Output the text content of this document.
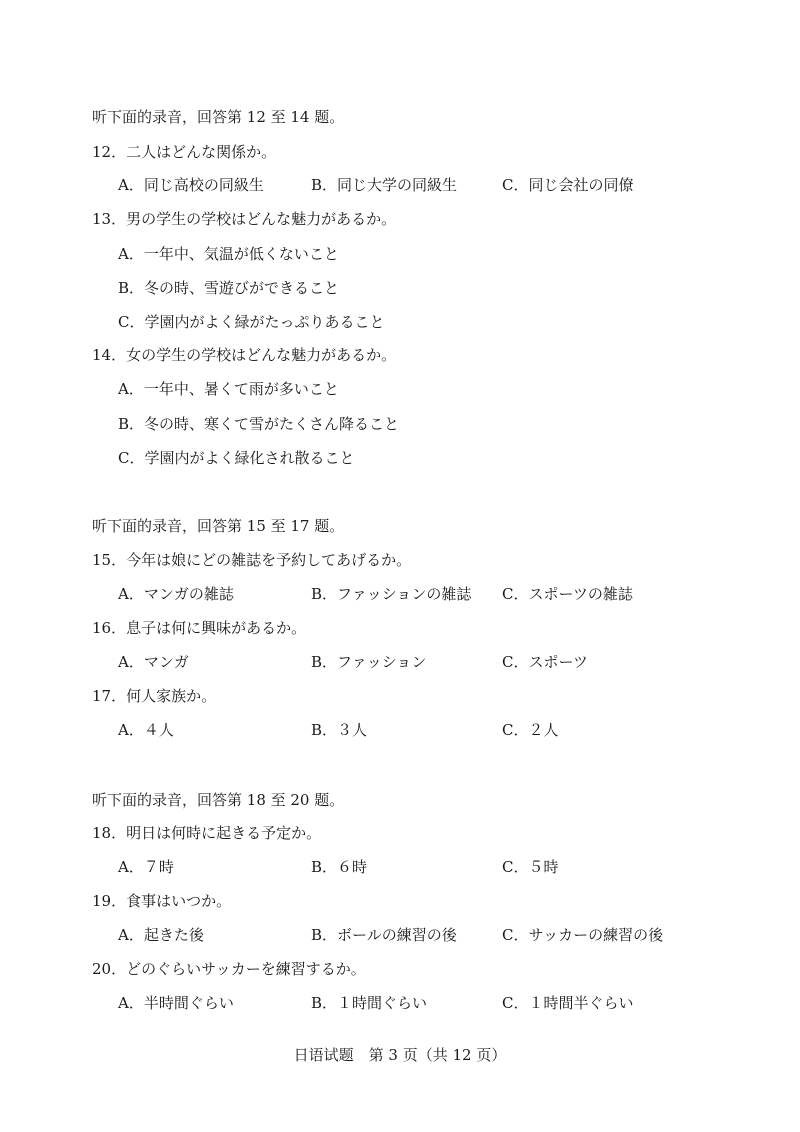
听下面的录音，回答第 12 至 14 题。
12．二人はどんな関係か。
A．同じ高校の同級生	B．同じ大学の同級生	C．同じ会社の同僚
13．男の学生の学校はどんな魅力があるか。
A．一年中、気温が低くないこと
B．冬の時、雪遊びができること
C．学園内がよく緑がたっぷりあること
14．女の学生の学校はどんな魅力があるか。
A．一年中、暑くて雨が多いこと
B．冬の時、寒くて雪がたくさん降ること
C．学園内がよく緑化され散ること
听下面的录音，回答第 15 至 17 题。
15．今年は娘にどの雑誌を予約してあげるか。
A．マンガの雑誌	B．ファッションの雑誌 C．スポーツの雑誌
16．息子は何に興味があるか。
A．マンガ	B．ファッション	C．スポーツ
17．何人家族か。
A．４人	B．３人	C．２人
听下面的录音，回答第 18 至 20 题。
18．明日は何時に起きる予定か。
A．７時	B．６時	C．５時
19．食事はいつか。
A．起きた後	B．ボールの練習の後	C．サッカーの練習の後
20．どのぐらいサッカーを練習するか。
A．半時間ぐらい	B．１時間ぐらい	C．１時間半ぐらい
日语试题　第 3 页（共 12 页）
